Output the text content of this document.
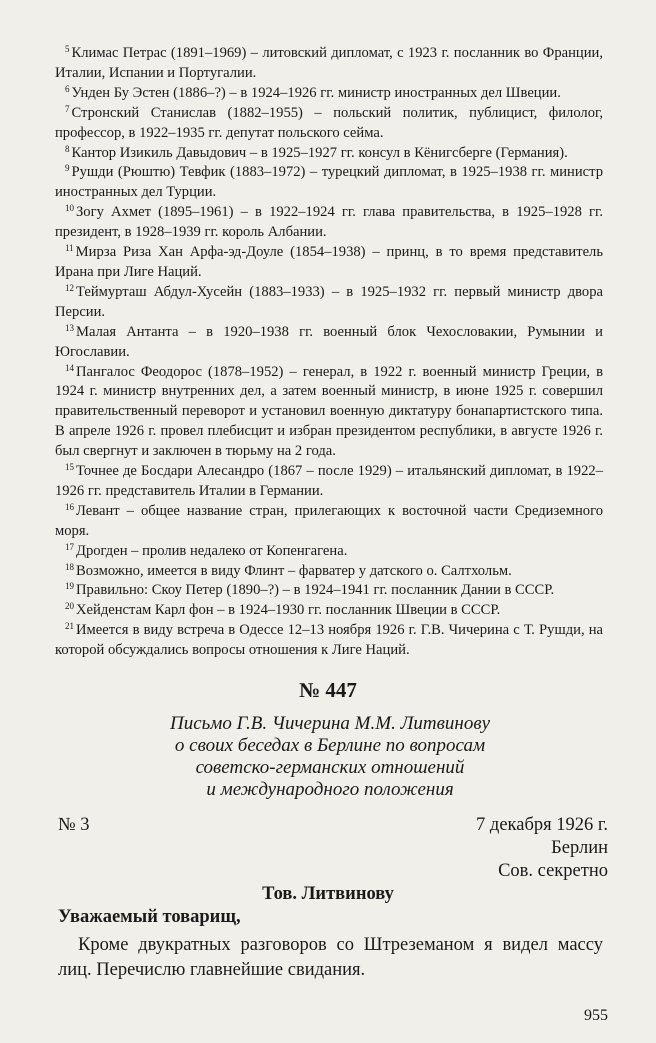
$^5$ Климас Петрас (1891–1969) – литовский дипломат, с 1923 г. посланник во Франции, Италии, Испании и Португалии.

$^6$ Унден Бу Эстен (1886–?) – в 1924–1926 гг. министр иностранных дел Швеции.

$^7$ Стронский Станислав (1882–1955) – польский политик, публицист, филолог, профессор, в 1922–1935 гг. депутат польского сейма.

$^8$ Кантор Изикиль Давыдович – в 1925–1927 гг. консул в Кёнигсберге (Германия).

$^9$ Рушди (Рюштю) Тевфик (1883–1972) – турецкий дипломат, в 1925–1938 гг. министр иностранных дел Турции.

$^{10}$ Зогу Ахмет (1895–1961) – в 1922–1924 гг. глава правительства, в 1925–1928 гг. президент, в 1928–1939 гг. король Албании.

$^{11}$ Мирза Риза Хан Арфа-эд-Доуле (1854–1938) – принц, в то время представитель Ирана при Лиге Наций.

$^{12}$ Теймурташ Абдул-Хусейн (1883–1933) – в 1925–1932 гг. первый министр двора Персии.

$^{13}$ Малая Антанта – в 1920–1938 гг. военный блок Чехословакии, Румынии и Югославии.

$^{14}$ Пангалос Феодорос (1878–1952) – генерал, в 1922 г. военный министр Греции, в 1924 г. министр внутренних дел, а затем военный министр, в июне 1925 г. совершил правительственный переворот и установил военную диктатуру бонапартистского типа. В апреле 1926 г. провел плебисцит и избран президентом республики, в августе 1926 г. был свергнут и заключен в тюрьму на 2 года.

$^{15}$ Точнее де Босдари Алесандро (1867 – после 1929) – итальянский дипломат, в 1922–1926 гг. представитель Италии в Германии.

$^{16}$ Левант – общее название стран, прилегающих к восточной части Средиземного моря.

$^{17}$ Дрогден – пролив недалеко от Копенгагена.

$^{18}$ Возможно, имеется в виду Флинт – фарватер у датского о. Салтхольм.

$^{19}$ Правильно: Скоу Петер (1890–?) – в 1924–1941 гг. посланник Дании в СССР.

$^{20}$ Хейденстам Карл фон – в 1924–1930 гг. посланник Швеции в СССР.

$^{21}$ Имеется в виду встреча в Одессе 12–13 ноября 1926 г. Г.В. Чичерина с Т. Рушди, на которой обсуждались вопросы отношения к Лиге Наций.

№ 447
Письмо Г.В. Чичерина М.М. Литвинову
о своих беседах в Берлине по вопросам
советско-германских отношений
и международного положения
№ 3	7 декабря 1926 г.
Берлин
Сов. секретно
Тов. Литвинову
Уважаемый товарищ,

Кроме двукратных разговоров со Штреземаном я видел массу лиц. Перечислю главнейшие свидания.

955
